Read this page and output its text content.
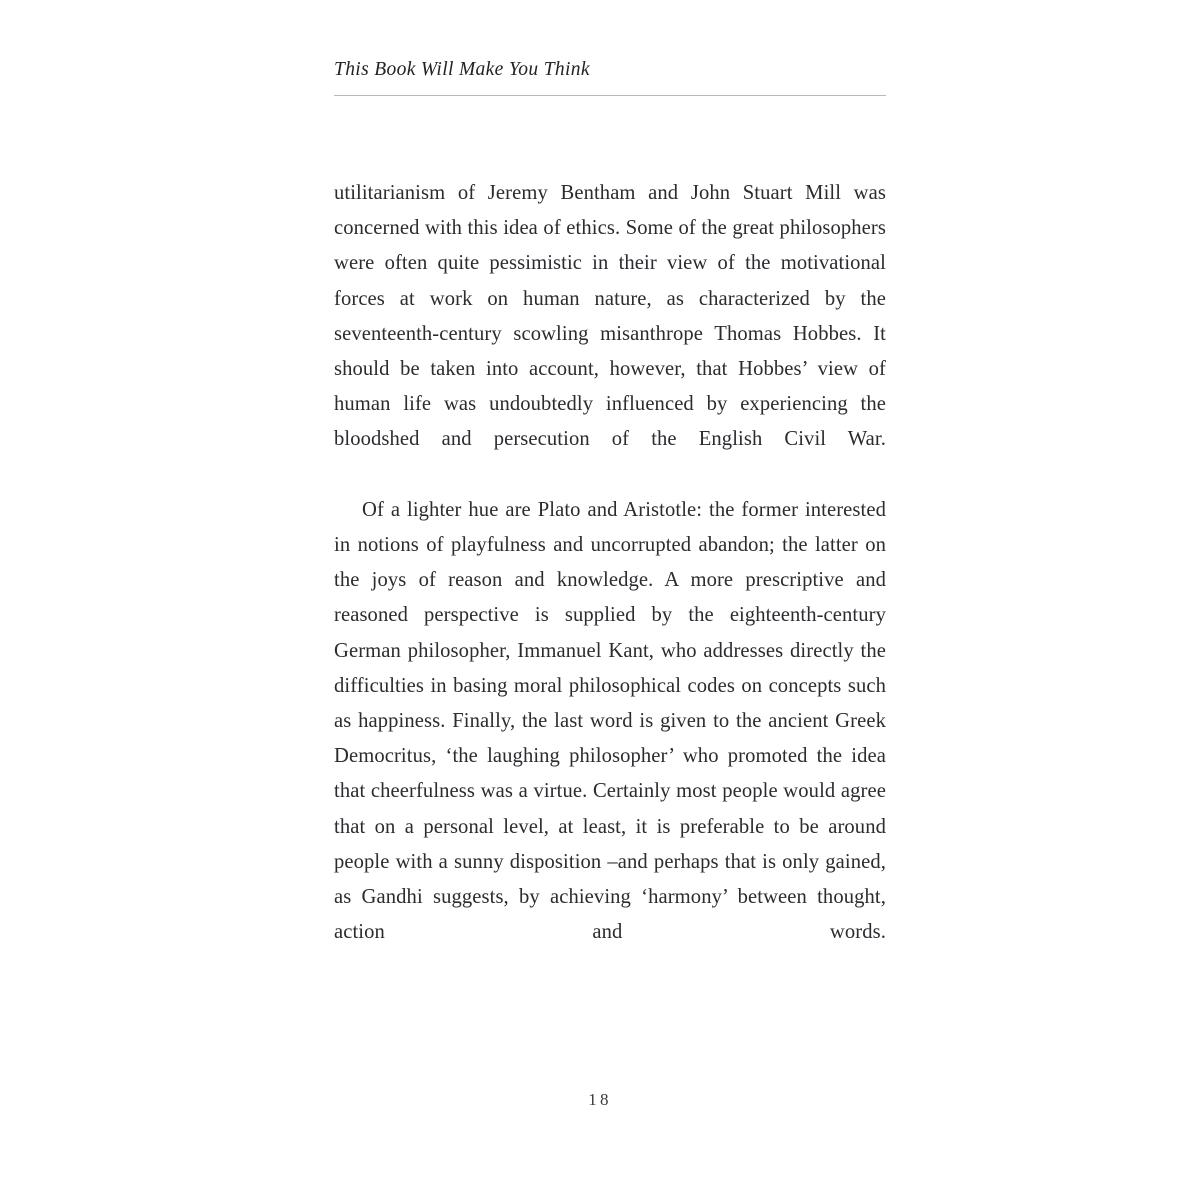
This Book Will Make You Think

utilitarianism of Jeremy Bentham and John Stuart Mill was concerned with this idea of ethics. Some of the great philosophers were often quite pessimistic in their view of the motivational forces at work on human nature, as characterized by the seventeenth-century scowling misanthrope Thomas Hobbes. It should be taken into account, however, that Hobbes’ view of human life was undoubtedly influenced by experiencing the bloodshed and persecution of the English Civil War.

Of a lighter hue are Plato and Aristotle: the former interested in notions of playfulness and uncorrupted abandon; the latter on the joys of reason and knowledge. A more prescriptive and reasoned perspective is supplied by the eighteenth-century German philosopher, Immanuel Kant, who addresses directly the difficulties in basing moral philosophical codes on concepts such as happiness. Finally, the last word is given to the ancient Greek Democritus, ‘the laughing philosopher’ who promoted the idea that cheerfulness was a virtue. Certainly most people would agree that on a personal level, at least, it is preferable to be around people with a sunny disposition –and perhaps that is only gained, as Gandhi suggests, by achieving ‘harmony’ between thought, action and words.

18
